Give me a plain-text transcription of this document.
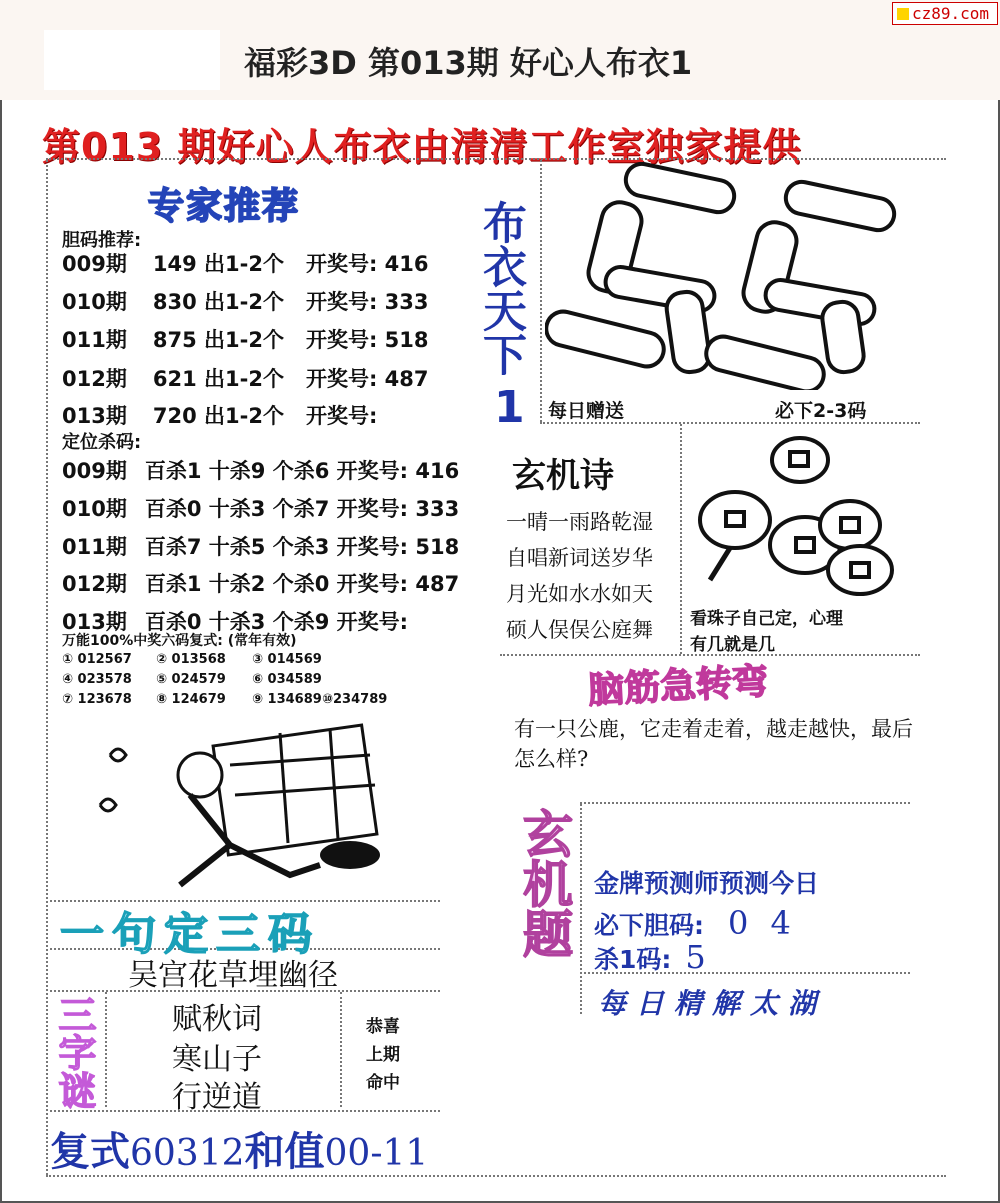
福彩3D 第013期 好心人布衣1
cz89.com
第013 期好心人布衣由清清工作室独家提供
专家推荐
胆码推荐:
009期 149 出1-2个 开奖号: 416
010期 830 出1-2个 开奖号: 333
011期 875 出1-2个 开奖号: 518
012期 621 出1-2个 开奖号: 487
013期 720 出1-2个 开奖号:
定位杀码:
009期 百杀1 十杀9 个杀6 开奖号: 416
010期 百杀0 十杀3 个杀7 开奖号: 333
011期 百杀7 十杀5 个杀3 开奖号: 518
012期 百杀1 十杀2 个杀0 开奖号: 487
013期 百杀0 十杀3 个杀9 开奖号:
万能100%中奖六码复式: (常年有效)
① 012567 ② 013568 ③ 014569
④ 023578 ⑤ 024579 ⑥ 034589
⑦ 123678 ⑧ 124679 ⑨ 134689 ⑩234789
布衣天下
1 每日赠送	必下2-3码
玄机诗
一晴一雨路乾湿
自唱新词送岁华
月光如水水如天
硕人俣俣公庭舞 看珠子自己定，心理
有几就是几
脑筋急转弯
有一只公鹿，它走着走着，越走越快，最后怎么样?
一句定三码
吴宫花草埋幽径
三字谜	赋秋词
寒山子
行逆道
恭喜
上期
命中
复式60312和值00-11
玄机题 金牌预测师预测今日
必下胆码: 0 4
杀1码: 5
每日精解太湖
